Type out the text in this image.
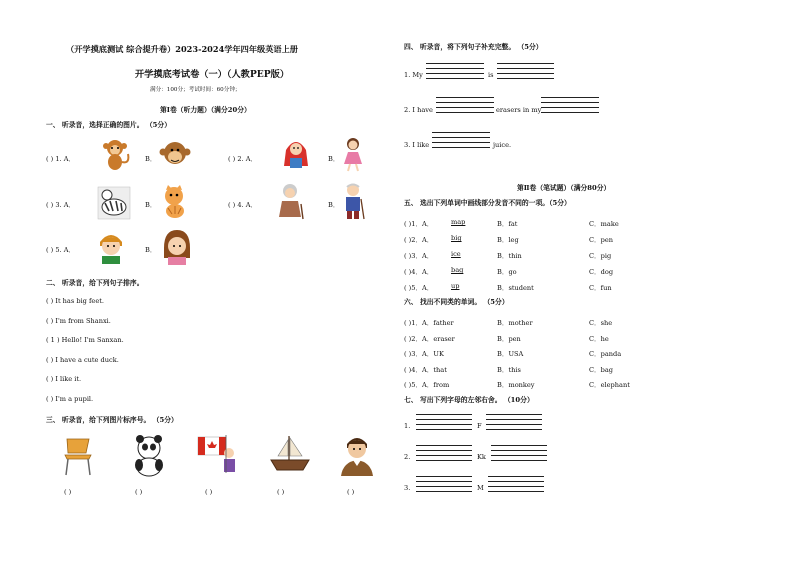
（开学摸底测试 综合提升卷）2023-2024学年四年级英语上册
开学摸底考试卷（一）（人教PEP版）
满分：100分；考试时间：60分钟；
第Ⅰ卷（听力题）（满分20分）
一、 听录音，选择正确的图片。 （5分）
( ) 1. A．	B．	( ) 2. A．	B．
( ) 3. A．	B．	( ) 4. A．	B．
( ) 5. A．	B．
二、 听录音，给下列句子排序。
( ) It has big feet.
( ) I'm from Shanxi.
( 1 ) Hello! I'm Sanxan.
( ) I have a cute duck.
( ) I like it.
( ) I'm a pupil.
三、 听录音，给下列图片标序号。 （5分）
( )	( )	( )	( )	( )
四、 听录音，将下列句子补充完整。 （5分）
1. My	is
2. I have	erasers in my
3. I like	juice.
第Ⅱ卷（笔试题）（满分80分）
五、 选出下列单词中画线部分发音不同的一项。（5分）
( )1．A．	map	B．fat	C．make
( )2．A．	big	B．leg	C．pen
( )3．A．	ice	B．thin	C．pig
( )4．A．	bag	B．go	C．dog
( )5．A．	up	B．student	C．fun
六、 找出不同类的单词。 （5分）
( )1．A．father	B．mother	C．she
( )2．A．eraser	B．pen	C．he
( )3．A．UK	B．USA	C．panda
( )4．A．that	B．this	C．bag
( )5．A．from	B．monkey	C．elephant
七、 写出下列字母的左邻右舍。 （10分）
1.	F
2.	Kk
3.	M
